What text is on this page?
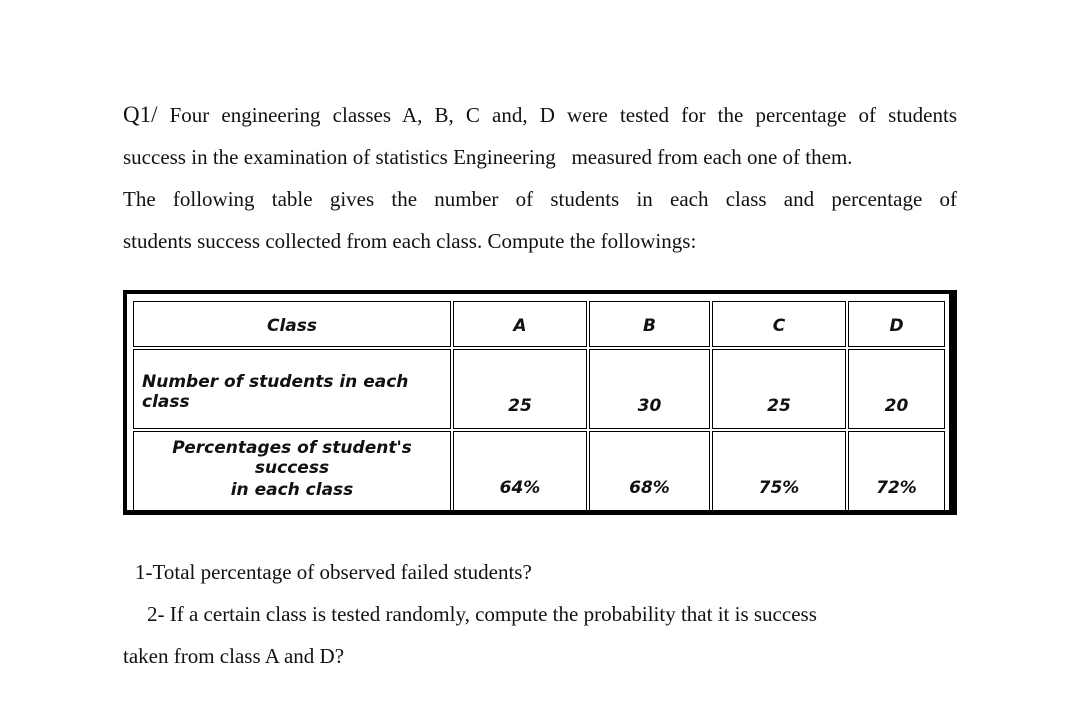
Q1/ Four engineering classes A, B, C and, D were tested for the percentage of students
success in the examination of statistics Engineering   measured from each one of them.
The following table gives the number of students in each class and percentage of
students success collected from each class. Compute the followings:
Class	A	B	C	D
Number of students in each class	25	30	25	20

Percentages of student's success
in each class	64%	68%	75%	72%
1-Total percentage of observed failed students?
2- If a certain class is tested randomly, compute the probability that it is success
taken from class A and D?
